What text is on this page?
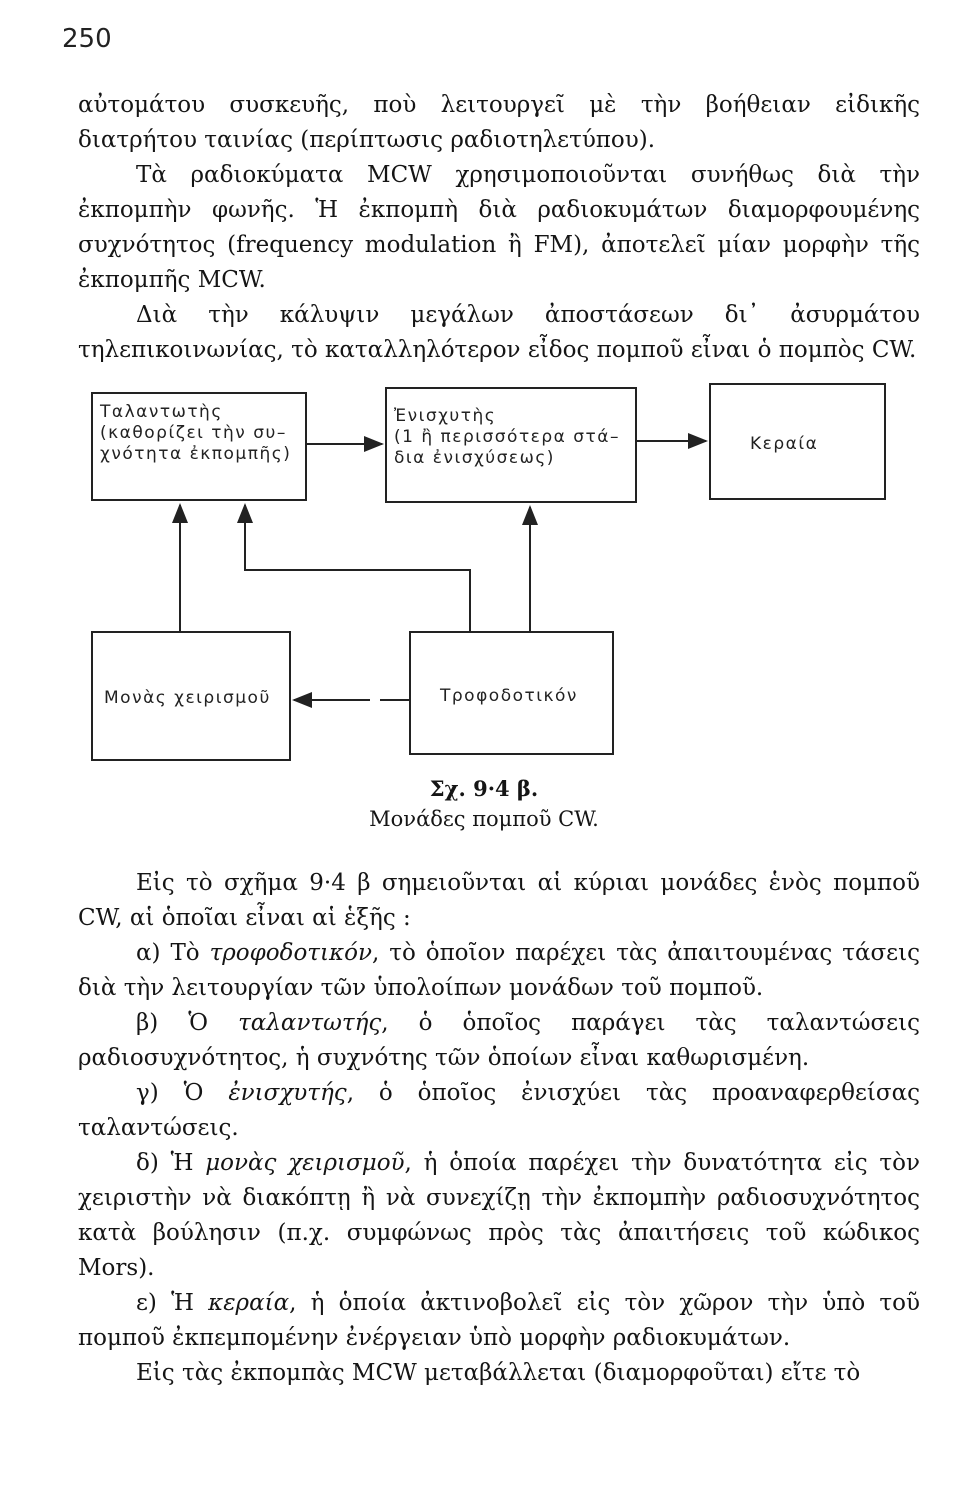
250

αὐτομάτου συσκευῆς, ποὺ λειτουργεῖ μὲ τὴν βοήθειαν εἰδικῆς διατρήτου ταινίας (περίπτωσις ραδιοτηλετύπου).

Τὰ ραδιοκύματα MCW χρησιμοποιοῦνται συνήθως διὰ τὴν ἐκπομπὴν φωνῆς. Ἡ ἐκπομπὴ διὰ ραδιοκυμάτων διαμορφουμένης συχνότητος (frequency modulation ἢ FM), ἀποτελεῖ μίαν μορφὴν τῆς ἐκπομπῆς MCW.

Διὰ τὴν κάλυψιν μεγάλων ἀποστάσεων δι᾽ ἀσυρμάτου τηλεπικοινωνίας, τὸ καταλληλότερον εἶδος πομποῦ εἶναι ὁ πομπὸς CW.

Ταλαντωτὴς
(καθορίζει τὴν συ–
χνότητα ἐκπομπῆς)
Ἐνισχυτὴς
(1 ἢ περισσότερα στά–
δια ἐνισχύσεως)
Κεραία
Μονὰς χειρισμοῦ	Τροφοδοτικόν
Σχ. 9·4 β.
Μονάδες πομποῦ CW.

Εἰς τὸ σχῆμα 9·4 β σημειοῦνται αἱ κύριαι μονάδες ἑνὸς πομποῦ CW, αἱ ὁποῖαι εἶναι αἱ ἑξῆς :

α) Τὸ τροφοδοτικόν, τὸ ὁποῖον παρέχει τὰς ἀπαιτουμένας τάσεις διὰ τὴν λειτουργίαν τῶν ὑπολοίπων μονάδων τοῦ πομποῦ.

β) Ὁ ταλαντωτής, ὁ ὁποῖος παράγει τὰς ταλαντώσεις ραδιοσυχνότητος, ἡ συχνότης τῶν ὁποίων εἶναι καθωρισμένη.

γ) Ὁ ἐνισχυτής, ὁ ὁποῖος ἐνισχύει τὰς προαναφερθείσας ταλαντώσεις.

δ) Ἡ μονὰς χειρισμοῦ, ἡ ὁποία παρέχει τὴν δυνατότητα εἰς τὸν χειριστὴν νὰ διακόπτῃ ἢ νὰ συνεχίζῃ τὴν ἐκπομπὴν ραδιοσυχνότητος κατὰ βούλησιν (π.χ. συμφώνως πρὸς τὰς ἀπαιτήσεις τοῦ κώδικος Mors).

ε) Ἡ κεραία, ἡ ὁποία ἀκτινοβολεῖ εἰς τὸν χῶρον τὴν ὑπὸ τοῦ πομποῦ ἐκπεμπομένην ἐνέργειαν ὑπὸ μορφὴν ραδιοκυμάτων.

Εἰς τὰς ἐκπομπὰς MCW μεταβάλλεται (διαμορφοῦται) εἴτε τὸ
